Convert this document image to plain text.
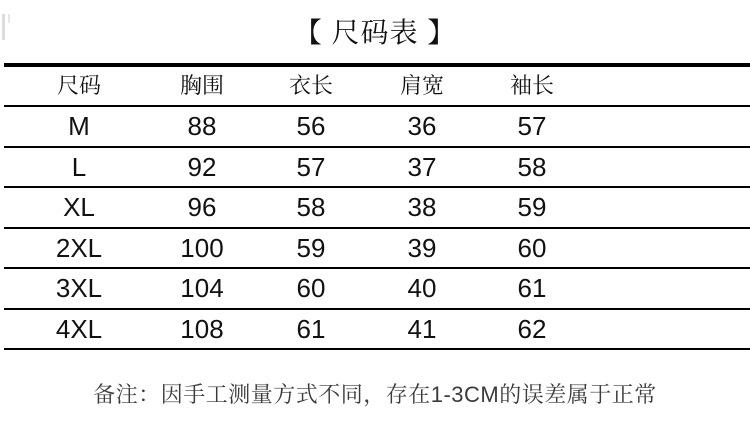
【 尺码表 】
尺码	胸围	衣长	肩宽	袖长
M	88	56	36	57
L	92	57	37	58
XL	96	58	38	59
2XL	100	59	39	60
3XL	104	60	40	61
4XL	108	61	41	62
备注：因手工测量方式不同，存在1-3CM的误差属于正常
